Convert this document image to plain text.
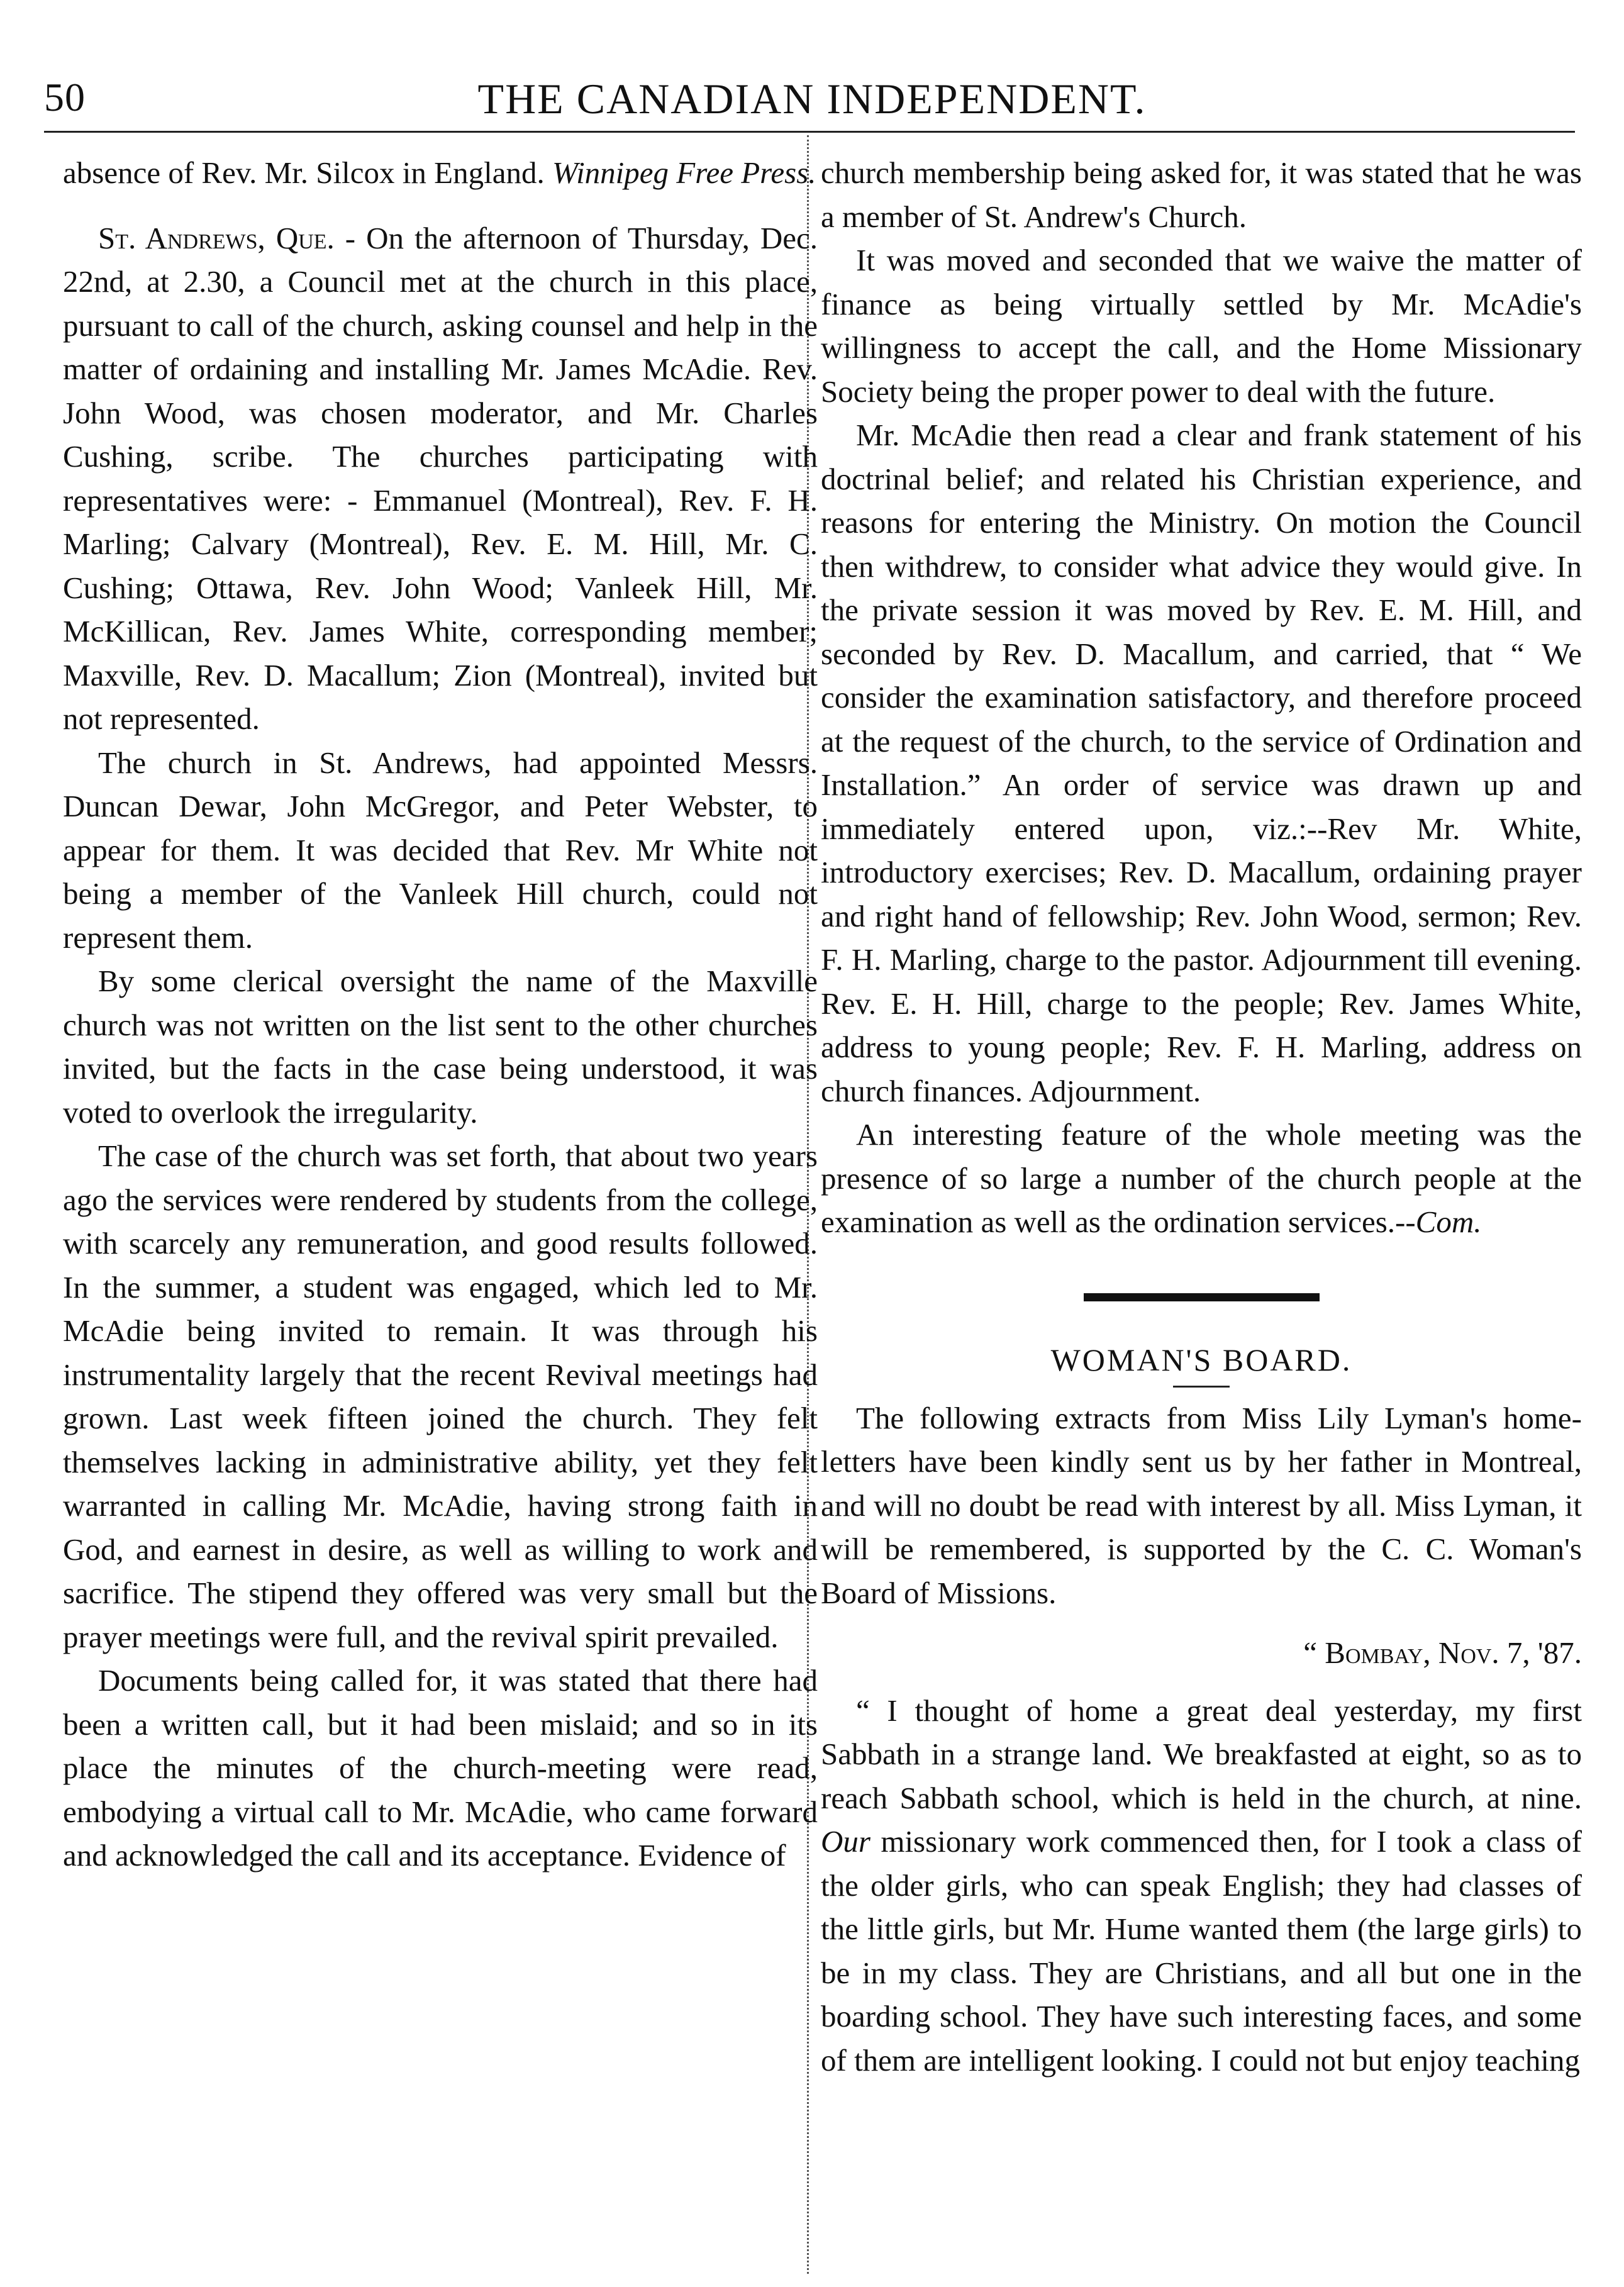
50	THE CANADIAN INDEPENDENT.

absence of Rev. Mr. Silcox in England. Winnipeg Free Press.

St. Andrews, Que. - On the afternoon of Thursday, Dec. 22nd, at 2.30, a Council met at the church in this place, pursuant to call of the church, asking counsel and help in the matter of ordaining and installing Mr. James McAdie. Rev. John Wood, was chosen moderator, and Mr. Charles Cushing, scribe. The churches participating with representatives were: - Emmanuel (Montreal), Rev. F. H. Marling; Calvary (Montreal), Rev. E. M. Hill, Mr. C. Cushing; Ottawa, Rev. John Wood; Vanleek Hill, Mr. McKillican, Rev. James White, corresponding member; Maxville, Rev. D. Macallum; Zion (Montreal), invited but not represented.

The church in St. Andrews, had appointed Messrs. Duncan Dewar, John McGregor, and Peter Webster, to appear for them. It was decided that Rev. Mr White not being a member of the Vanleek Hill church, could not represent them.

By some clerical oversight the name of the Maxville church was not written on the list sent to the other churches invited, but the facts in the case being understood, it was voted to overlook the irregularity.

The case of the church was set forth, that about two years ago the services were rendered by students from the college, with scarcely any remuneration, and good results followed. In the summer, a student was engaged, which led to Mr. McAdie being invited to remain. It was through his instrumentality largely that the recent Revival meetings had grown. Last week fifteen joined the church. They felt themselves lacking in administrative ability, yet they felt warranted in calling Mr. McAdie, having strong faith in God, and earnest in desire, as well as willing to work and sacrifice. The stipend they offered was very small but the prayer meetings were full, and the revival spirit prevailed.

Documents being called for, it was stated that there had been a written call, but it had been mislaid; and so in its place the minutes of the church-meeting were read, embodying a virtual call to Mr. McAdie, who came forward and acknowledged the call and its acceptance. Evidence of

church membership being asked for, it was stated that he was a member of St. Andrew's Church.

It was moved and seconded that we waive the matter of finance as being virtually settled by Mr. McAdie's willingness to accept the call, and the Home Missionary Society being the proper power to deal with the future.

Mr. McAdie then read a clear and frank statement of his doctrinal belief; and related his Christian experience, and reasons for entering the Ministry. On motion the Council then withdrew, to consider what advice they would give. In the private session it was moved by Rev. E. M. Hill, and seconded by Rev. D. Macallum, and carried, that “ We consider the examination satisfactory, and therefore proceed at the request of the church, to the service of Ordination and Installation.” An order of service was drawn up and immediately entered upon, viz.:--Rev Mr. White, introductory exercises; Rev. D. Macallum, ordaining prayer and right hand of fellowship; Rev. John Wood, sermon; Rev. F. H. Marling, charge to the pastor. Adjournment till evening. Rev. E. H. Hill, charge to the people; Rev. James White, address to young people; Rev. F. H. Marling, address on church finances. Adjournment.

An interesting feature of the whole meeting was the presence of so large a number of the church people at the examination as well as the ordination services.--Com.

WOMAN'S BOARD.

The following extracts from Miss Lily Lyman's home-letters have been kindly sent us by her father in Montreal, and will no doubt be read with interest by all. Miss Lyman, it will be remembered, is supported by the C. C. Woman's Board of Missions.

“ Bombay, Nov. 7, '87.

“ I thought of home a great deal yesterday, my first Sabbath in a strange land. We breakfasted at eight, so as to reach Sabbath school, which is held in the church, at nine. Our missionary work commenced then, for I took a class of the older girls, who can speak English; they had classes of the little girls, but Mr. Hume wanted them (the large girls) to be in my class. They are Christians, and all but one in the boarding school. They have such interesting faces, and some of them are intelligent looking. I could not but enjoy teaching
